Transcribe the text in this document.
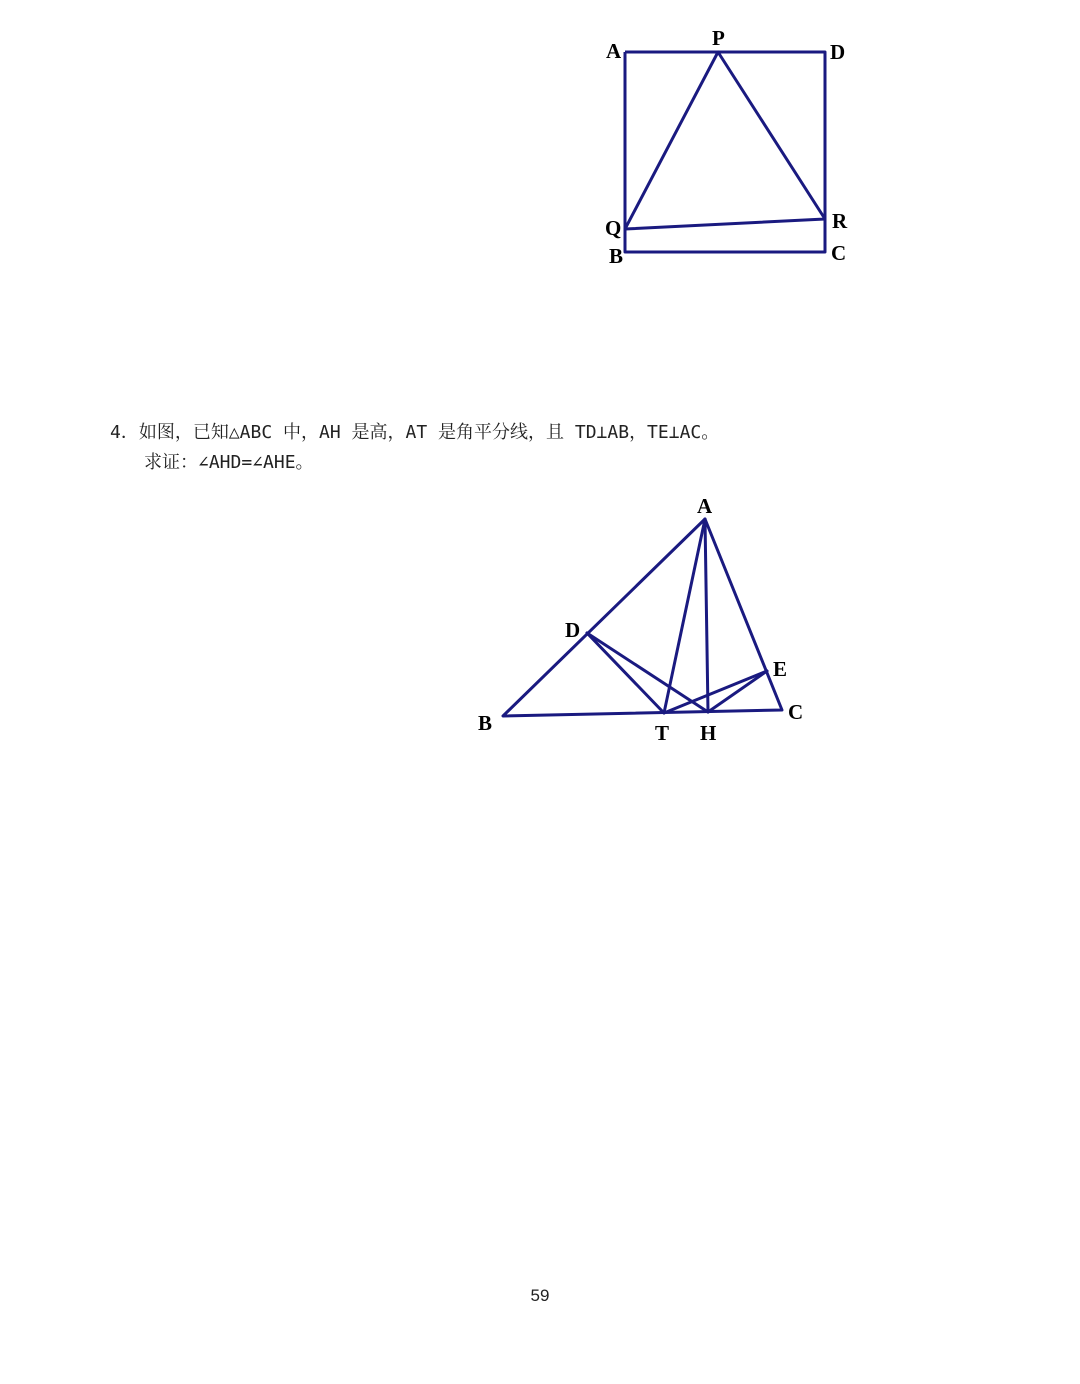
A
P
D
Q	R
B	C
4．如图，已知△ABC 中，AH 是高，AT 是角平分线，且 TD⊥AB，TE⊥AC。
求证：∠AHD=∠AHE。
A
D
E
B	C
T H
59
